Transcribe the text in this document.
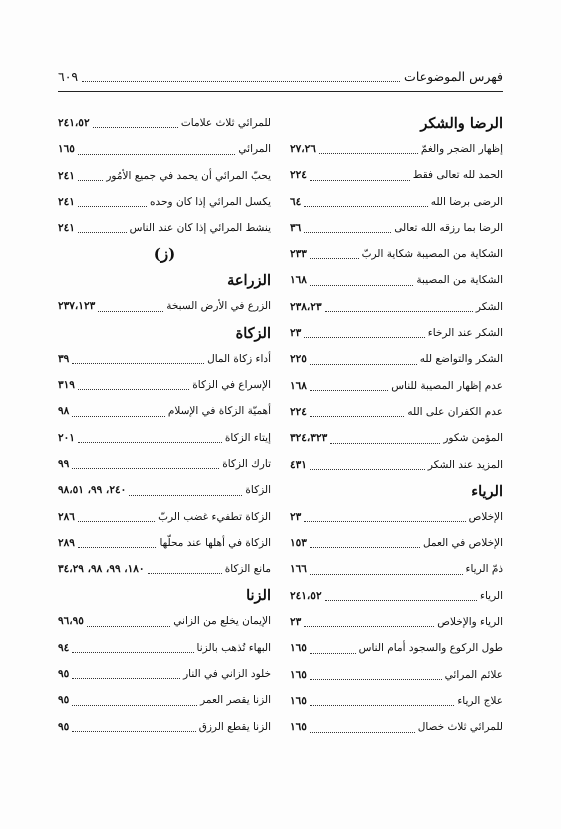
فهرس الموضوعات
٦٠٩
الرضا والشكر
إظهار الضجر والغمّ
٢٧،٢٦
الحمد لله تعالى فقط
٢٢٤
الرضى برضا الله
٦٤
الرضا بما رزقه الله تعالى
٣٦
الشكاية من المصيبة شكاية الربّ
٢٣٣
الشكاية من المصيبة
١٦٨
الشكر
٢٣٨،٢٣
الشكر عند الرخاء
٢٣
الشكر والتواضع لله
٢٢٥
عدم إظهار المصيبة للناس
١٦٨
عدم الكفران على الله
٢٢٤
المؤمن شكور
٣٢٤،٣٢٣
المزيد عند الشكر
٤٣١
الرياء
الإخلاص
٢٣
الإخلاص في العمل
١٥٣
ذمّ الرياء
١٦٦
الرياء
٢٤١،٥٢
الرياء والإخلاص
٢٣
طول الركوع والسجود أمام الناس
١٦٥
علائم المرائي
١٦٥
علاج الرياء
١٦٥
للمرائي ثلاث خصال
١٦٥
للمرائي ثلاث علامات
٢٤١،٥٢
المرائي
١٦٥
يحبّ المرائي أن يحمد في جميع الأمُور
٢٤١
يكسل المرائي إذا كان وحده
٢٤١
ينشط المرائي إذا كان عند الناس
٢٤١
(ز)
الزراعة
الزرع في الأرض السبخة
٢٣٧،١٢٣
الزكاة
أداء زكاة المال
٣٩
الإسراع في الزكاة
٣١٩
أهميّة الزكاة في الإسلام
٩٨
إيتاء الزكاة
٢٠١
تارك الزكاة
٩٩
الزكاة
٢٤٠، ٩٩، ٩٨،٥١
الزكاة تطفيء غضب الربّ
٢٨٦
الزكاة في أهلها عند محلّها
٢٨٩
مانع الزكاة
١٨٠، ٩٩، ٩٨، ٣٤،٢٩
الزنا
الإيمان يخلع من الزاني
٩٦،٩٥
البهاء تُذهب بالزنا
٩٤
خلود الزاني في النار
٩٥
الزنا يقصر العمر
٩٥
الزنا يقطع الرزق
٩٥
